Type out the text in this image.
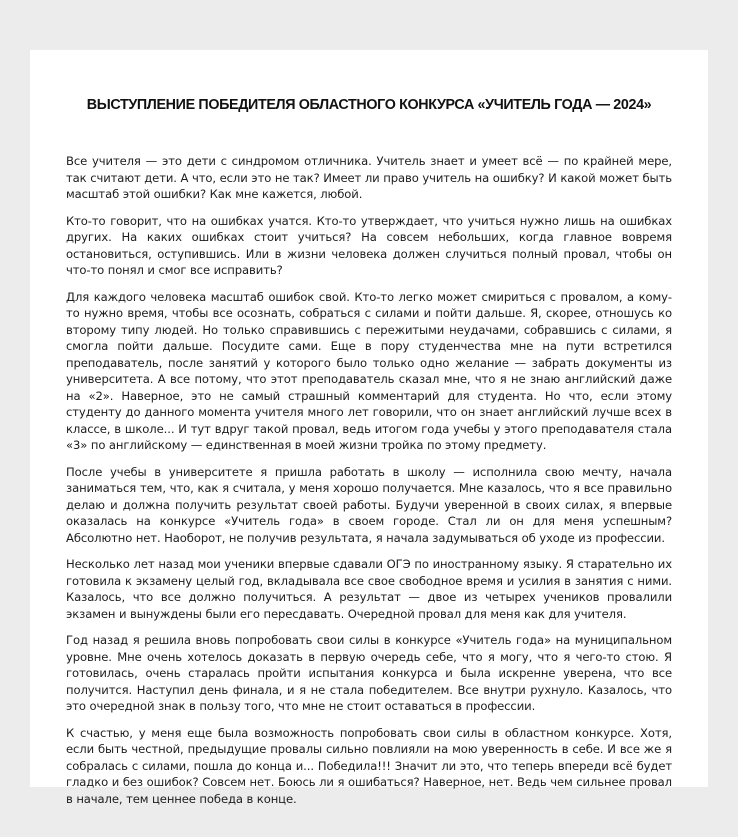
ВЫСТУПЛЕНИЕ ПОБЕДИТЕЛЯ ОБЛАСТНОГО КОНКУРСА «УЧИТЕЛЬ ГОДА — 2024»

Все учителя — это дети с синдромом отличника. Учитель знает и умеет всё — по крайней мере, так считают дети. А что, если это не так? Имеет ли право учитель на ошибку? И какой может быть масштаб этой ошибки? Как мне кажется, любой.

Кто-то говорит, что на ошибках учатся. Кто-то утверждает, что учиться нужно лишь на ошибках других. На каких ошибках стоит учиться? На совсем небольших, когда главное вовремя остановиться, оступившись. Или в жизни человека должен случиться полный провал, чтобы он что-то понял и смог все исправить?

Для каждого человека масштаб ошибок свой. Кто-то легко может смириться с провалом, а кому-то нужно время, чтобы все осознать, собраться с силами и пойти дальше. Я, скорее, отношусь ко второму типу людей. Но только справившись с пережитыми неудачами, собравшись с силами, я смогла пойти дальше. Посудите сами. Еще в пору студенчества мне на пути встретился преподаватель, после занятий у которого было только одно желание — забрать документы из университета. А все потому, что этот преподаватель сказал мне, что я не знаю английский даже на «2». Наверное, это не самый страшный комментарий для студента. Но что, если этому студенту до данного момента учителя много лет говорили, что он знает английский лучше всех в классе, в школе... И тут вдруг такой провал, ведь итогом года учебы у этого преподавателя стала «3» по английскому — единственная в моей жизни тройка по этому предмету.

После учебы в университете я пришла работать в школу — исполнила свою мечту, начала заниматься тем, что, как я считала, у меня хорошо получается. Мне казалось, что я все правильно делаю и должна получить результат своей работы. Будучи уверенной в своих силах, я впервые оказалась на конкурсе «Учитель года» в своем городе. Стал ли он для меня успешным? Абсолютно нет. Наоборот, не получив результата, я начала задумываться об уходе из профессии.

Несколько лет назад мои ученики впервые сдавали ОГЭ по иностранному языку. Я старательно их готовила к экзамену целый год, вкладывала все свое свободное время и усилия в занятия с ними. Казалось, что все должно получиться. А результат — двое из четырех учеников провалили экзамен и вынуждены были его пересдавать. Очередной провал для меня как для учителя.

Год назад я решила вновь попробовать свои силы в конкурсе «Учитель года» на муниципальном уровне. Мне очень хотелось доказать в первую очередь себе, что я могу, что я чего-то стою. Я готовилась, очень старалась пройти испытания конкурса и была искренне уверена, что все получится. Наступил день финала, и я не стала победителем. Все внутри рухнуло. Казалось, что это очередной знак в пользу того, что мне не стоит оставаться в профессии.

К счастью, у меня еще была возможность попробовать свои силы в областном конкурсе. Хотя, если быть честной, предыдущие провалы сильно повлияли на мою уверенность в себе. И все же я собралась с силами, пошла до конца и... Победила!!! Значит ли это, что теперь впереди всё будет гладко и без ошибок? Совсем нет. Боюсь ли я ошибаться? Наверное, нет. Ведь чем сильнее провал в начале, тем ценнее победа в конце.
